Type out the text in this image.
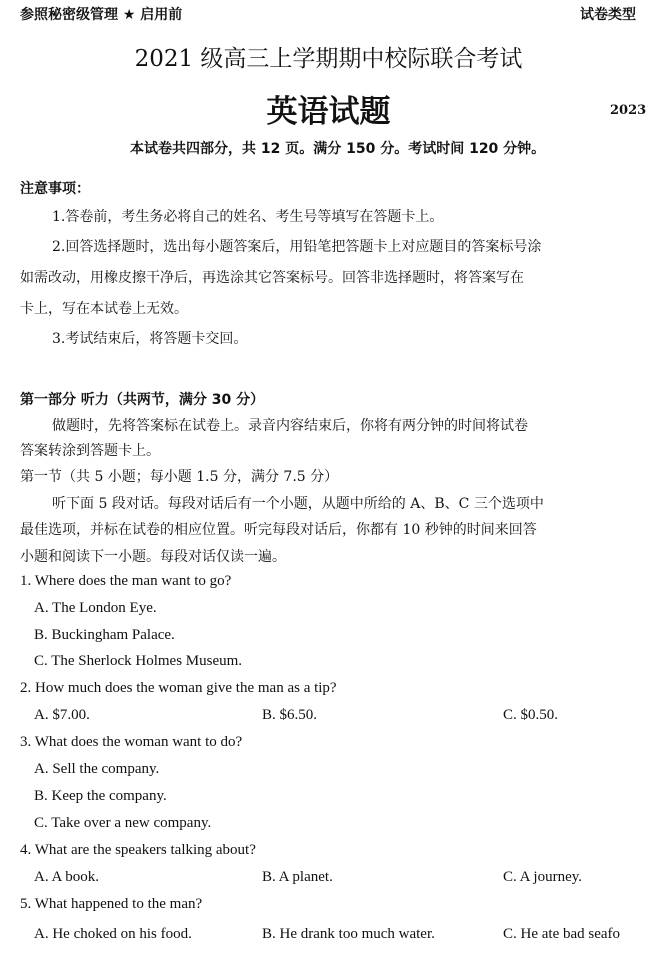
参照秘密级管理 ★ 启用前	试卷类型
2021 级高三上学期期中校际联合考试
英语试题	2023
本试卷共四部分，共 12 页。满分 150 分。考试时间 120 分钟。
注意事项：
1.答卷前，考生务必将自己的姓名、考生号等填写在答题卡上。
2.回答选择题时，选出每小题答案后，用铅笔把答题卡上对应题目的答案标号涂
如需改动，用橡皮擦干净后，再选涂其它答案标号。回答非选择题时，将答案写在
卡上，写在本试卷上无效。
3.考试结束后，将答题卡交回。
第一部分 听力（共两节，满分 30 分）
做题时，先将答案标在试卷上。录音内容结束后，你将有两分钟的时间将试卷
答案转涂到答题卡上。
第一节（共 5 小题；每小题 1.5 分，满分 7.5 分）
听下面 5 段对话。每段对话后有一个小题，从题中所给的 A、B、C 三个选项中
最佳选项，并标在试卷的相应位置。听完每段对话后，你都有 10 秒钟的时间来回答
小题和阅读下一小题。每段对话仅读一遍。
1. Where does the man want to go?
A. The London Eye.
B. Buckingham Palace.
C. The Sherlock Holmes Museum.
2. How much does the woman give the man as a tip?
A. $7.00.	B. $6.50.	C. $0.50.
3. What does the woman want to do?
A. Sell the company.
B. Keep the company.
C. Take over a new company.
4. What are the speakers talking about?
A. A book.	B. A planet.	C. A journey.
5. What happened to the man?
A. He choked on his food.	B. He drank too much water.	C. He ate bad seafo
